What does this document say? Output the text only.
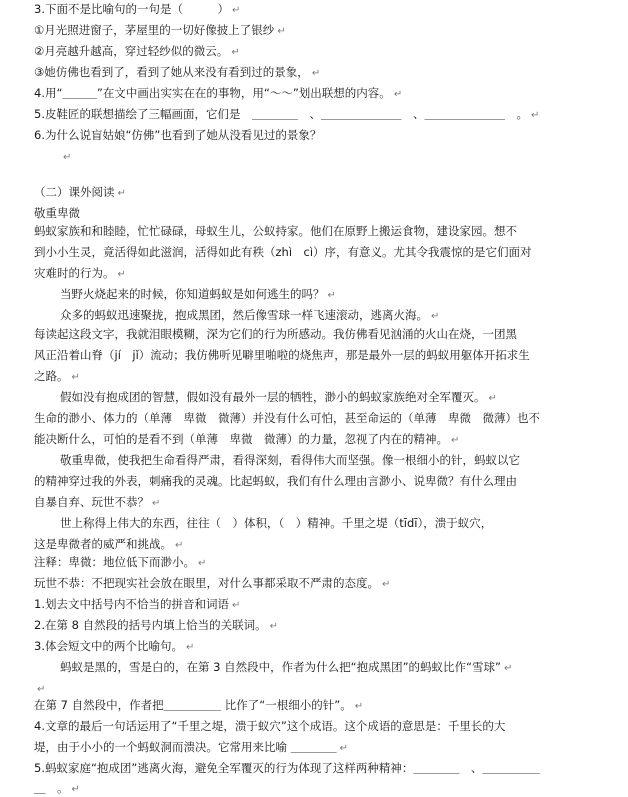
3.下面不是比喻句的一句是（　　　） ↵
①月光照进窗子，茅屋里的一切好像披上了银纱 ↵
②月亮越升越高，穿过轻纱似的微云。 ↵
③她仿佛也看到了，看到了她从来没有看到过的景象， ↵
4.用“＿＿＿”在文中画出实实在在的事物，用“～～”划出联想的内容。 ↵
5.皮鞋匠的联想描绘了三幅画面，它们是　＿＿＿＿　、＿＿＿＿＿＿＿　、＿＿＿＿＿＿＿　。 ↵
6.为什么说盲姑娘“仿佛”也看到了她从没看见过的景象？
↵
（二）课外阅读 ↵
敬重卑微
蚂蚁家族和和睦睦，忙忙碌碌，母蚁生儿，公蚁持家。他们在原野上搬运食物，建设家园。想不
到小小生灵，竟活得如此滋润，活得如此有秩（zhì　cì）序，有意义。尤其令我震惊的是它们面对
灾难时的行为。 ↵
当野火烧起来的时候，你知道蚂蚁是如何逃生的吗？ ↵
众多的蚂蚁迅速聚拢，抱成黑团，然后像雪球一样飞速滚动，逃离火海。 ↵
每读起这段文字，我就泪眼模糊，深为它们的行为所感动。我仿佛看见汹涌的火山在烧，一团黑
风正沿着山脊（jí　jǐ）流动；我仿佛听见噼里啪啦的烧焦声，那是最外一层的蚂蚁用躯体开拓求生
之路。 ↵
假如没有抱成团的智慧，假如没有最外一层的牺牲，渺小的蚂蚁家族绝对全军覆灭。 ↵
生命的渺小、体力的（单薄　卑微　微薄）并没有什么可怕，甚至命运的（单薄　卑微　微薄）也不
能决断什么，可怕的是看不到（单薄　卑微　微薄）的力量，忽视了内在的精神。 ↵
敬重卑微，使我把生命看得严肃，看得深刻，看得伟大而坚强。像一根细小的针，蚂蚁以它
的精神穿过我的外表，刺痛我的灵魂。比起蚂蚁，我们有什么理由言渺小、说卑微？有什么理由
自暴自弃、玩世不恭？ ↵
世上称得上伟大的东西，往往（　）体积，（　）精神。千里之堤（tīdī），溃于蚁穴，
这是卑微者的威严和挑战。 ↵
注释：卑微：地位低下而渺小。 ↵
玩世不恭：不把现实社会放在眼里，对什么事都采取不严肃的态度。 ↵
1.划去文中括号内不恰当的拼音和词语 ↵
2.在第 8 自然段的括号内填上恰当的关联词。 ↵
3.体会短文中的两个比喻句。 ↵
蚂蚁是黑的，雪是白的，在第 3 自然段中，作者为什么把“抱成黑团”的蚂蚁比作“雪球” ↵
↵
在第 7 自然段中，作者把＿＿＿＿＿ 比作了“一根细小的针”。 ↵
4.文章的最后一句话运用了“千里之堤，溃于蚁穴”这个成语。这个成语的意思是：千里长的大
堤，由于小小的一个蚂蚁洞而溃决。它常用来比喻 ＿＿＿＿ ↵
5.蚂蚁家庭“抱成团”逃离火海，避免全军覆灭的行为体现了这样两种精神：＿＿＿＿　、＿＿＿＿＿
＿　。 ↵
